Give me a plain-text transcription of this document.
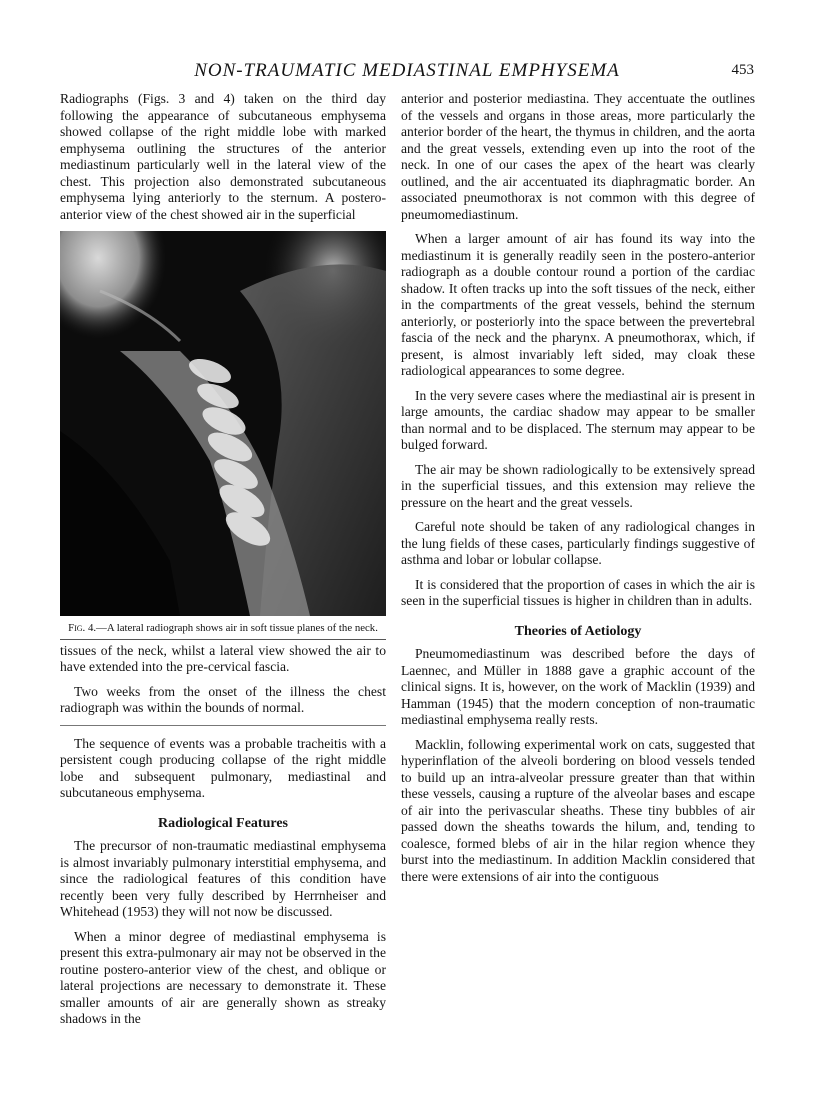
NON-TRAUMATIC MEDIASTINAL EMPHYSEMA	453

Radiographs (Figs. 3 and 4) taken on the third day following the appearance of subcutaneous emphysema showed collapse of the right middle lobe with marked emphysema outlining the structures of the anterior mediastinum particularly well in the lateral view of the chest. This projection also demonstrated subcutaneous emphysema lying anteriorly to the sternum. A postero-anterior view of the chest showed air in the superficial

Fig. 4.—A lateral radiograph shows air in soft tissue planes of the neck.

tissues of the neck, whilst a lateral view showed the air to have extended into the pre-cervical fascia.

Two weeks from the onset of the illness the chest radiograph was within the bounds of normal.

The sequence of events was a probable tracheitis with a persistent cough producing collapse of the right middle lobe and subsequent pulmonary, mediastinal and subcutaneous emphysema.

Radiological Features

The precursor of non-traumatic mediastinal emphysema is almost invariably pulmonary interstitial emphysema, and since the radiological features of this condition have recently been very fully described by Herrnheiser and Whitehead (1953) they will not now be discussed.

When a minor degree of mediastinal emphysema is present this extra-pulmonary air may not be observed in the routine postero-anterior view of the chest, and oblique or lateral projections are necessary to demonstrate it. These smaller amounts of air are generally shown as streaky shadows in the

anterior and posterior mediastina. They accentuate the outlines of the vessels and organs in those areas, more particularly the anterior border of the heart, the thymus in children, and the aorta and the great vessels, extending even up into the root of the neck. In one of our cases the apex of the heart was clearly outlined, and the air accentuated its diaphragmatic border. An associated pneumothorax is not common with this degree of pneumomediastinum.

When a larger amount of air has found its way into the mediastinum it is generally readily seen in the postero-anterior radiograph as a double contour round a portion of the cardiac shadow. It often tracks up into the soft tissues of the neck, either in the compartments of the great vessels, behind the sternum anteriorly, or posteriorly into the space between the prevertebral fascia of the neck and the pharynx. A pneumothorax, which, if present, is almost invariably left sided, may cloak these radiological appearances to some degree.

In the very severe cases where the mediastinal air is present in large amounts, the cardiac shadow may appear to be smaller than normal and to be displaced. The sternum may appear to be bulged forward.

The air may be shown radiologically to be extensively spread in the superficial tissues, and this extension may relieve the pressure on the heart and the great vessels.

Careful note should be taken of any radiological changes in the lung fields of these cases, particularly findings suggestive of asthma and lobar or lobular collapse.

It is considered that the proportion of cases in which the air is seen in the superficial tissues is higher in children than in adults.

Theories of Aetiology

Pneumomediastinum was described before the days of Laennec, and Müller in 1888 gave a graphic account of the clinical signs. It is, however, on the work of Macklin (1939) and Hamman (1945) that the modern conception of non-traumatic mediastinal emphysema really rests.

Macklin, following experimental work on cats, suggested that hyperinflation of the alveoli bordering on blood vessels tended to build up an intra-alveolar pressure greater than that within these vessels, causing a rupture of the alveolar bases and escape of air into the perivascular sheaths. These tiny bubbles of air passed down the sheaths towards the hilum, and, tending to coalesce, formed blebs of air in the hilar region whence they burst into the mediastinum. In addition Macklin considered that there were extensions of air into the contiguous
